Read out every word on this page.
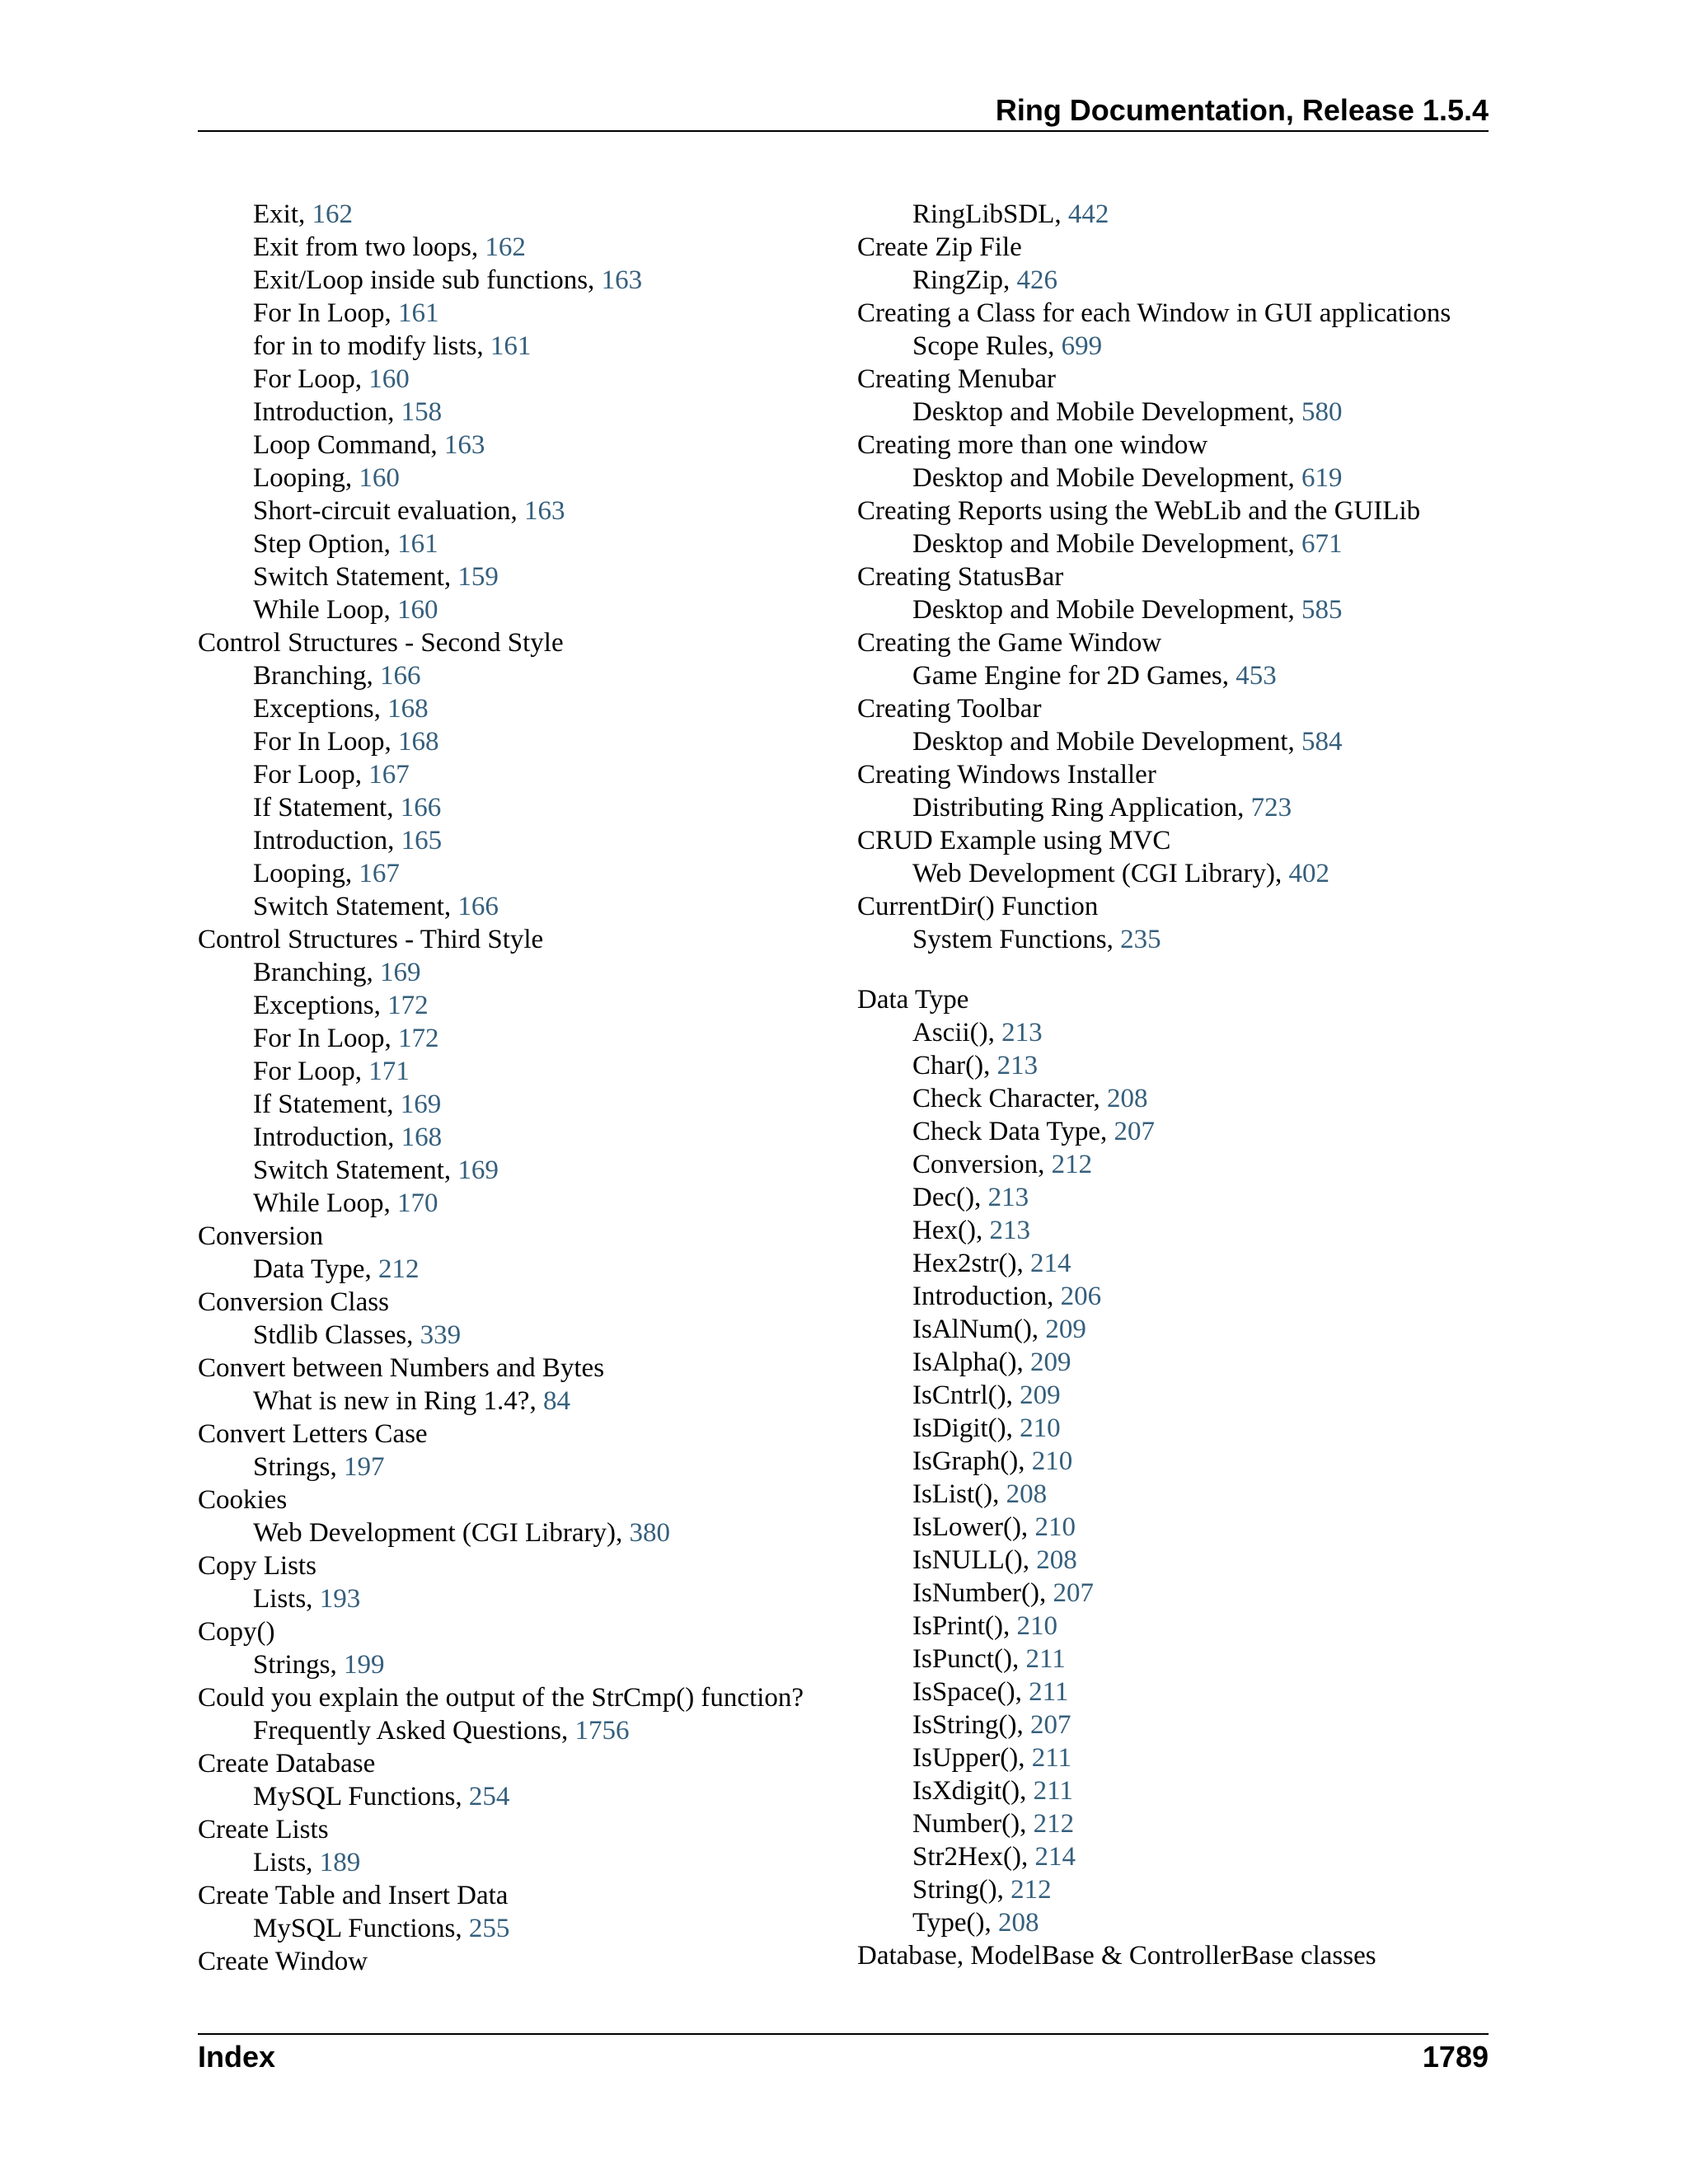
Ring Documentation, Release 1.5.4
Exit, 162
Exit from two loops, 162
Exit/Loop inside sub functions, 163
For In Loop, 161
for in to modify lists, 161
For Loop, 160
Introduction, 158
Loop Command, 163
Looping, 160
Short-circuit evaluation, 163
Step Option, 161
Switch Statement, 159
While Loop, 160
Control Structures - Second Style
Branching, 166
Exceptions, 168
For In Loop, 168
For Loop, 167
If Statement, 166
Introduction, 165
Looping, 167
Switch Statement, 166
Control Structures - Third Style
Branching, 169
Exceptions, 172
For In Loop, 172
For Loop, 171
If Statement, 169
Introduction, 168
Switch Statement, 169
While Loop, 170
Conversion
Data Type, 212
Conversion Class
Stdlib Classes, 339
Convert between Numbers and Bytes
What is new in Ring 1.4?, 84
Convert Letters Case
Strings, 197
Cookies
Web Development (CGI Library), 380
Copy Lists
Lists, 193
Copy()
Strings, 199
Could you explain the output of the StrCmp() function?
Frequently Asked Questions, 1756
Create Database
MySQL Functions, 254
Create Lists
Lists, 189
Create Table and Insert Data
MySQL Functions, 255
Create Window
RingLibSDL, 442
Create Zip File
RingZip, 426
Creating a Class for each Window in GUI applications
Scope Rules, 699
Creating Menubar
Desktop and Mobile Development, 580
Creating more than one window
Desktop and Mobile Development, 619
Creating Reports using the WebLib and the GUILib
Desktop and Mobile Development, 671
Creating StatusBar
Desktop and Mobile Development, 585
Creating the Game Window
Game Engine for 2D Games, 453
Creating Toolbar
Desktop and Mobile Development, 584
Creating Windows Installer
Distributing Ring Application, 723
CRUD Example using MVC
Web Development (CGI Library), 402
CurrentDir() Function
System Functions, 235
Data Type
Ascii(), 213
Char(), 213
Check Character, 208
Check Data Type, 207
Conversion, 212
Dec(), 213
Hex(), 213
Hex2str(), 214
Introduction, 206
IsAlNum(), 209
IsAlpha(), 209
IsCntrl(), 209
IsDigit(), 210
IsGraph(), 210
IsList(), 208
IsLower(), 210
IsNULL(), 208
IsNumber(), 207
IsPrint(), 210
IsPunct(), 211
IsSpace(), 211
IsString(), 207
IsUpper(), 211
IsXdigit(), 211
Number(), 212
Str2Hex(), 214
String(), 212
Type(), 208
Database, ModelBase & ControllerBase classes
Index	1789
